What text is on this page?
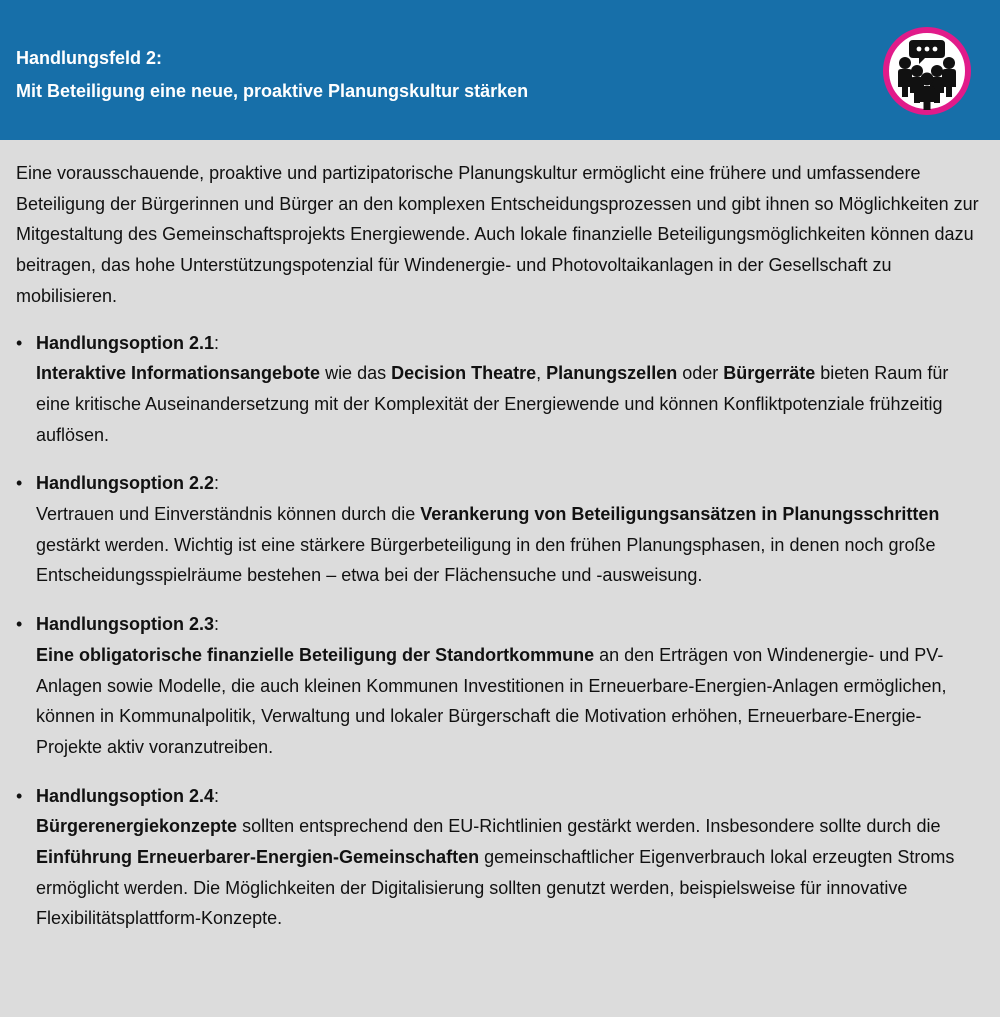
Handlungsfeld 2:
Mit Beteiligung eine neue, proaktive Planungskultur stärken

Eine vorausschauende, proaktive und partizipatorische Planungskultur ermöglicht eine frühere und umfassendere Beteiligung der Bürgerinnen und Bürger an den komplexen Entscheidungsprozessen und gibt ihnen so Möglichkeiten zur Mitgestaltung des Gemeinschaftsprojekts Energiewende. Auch lokale finanzielle Beteiligungsmöglichkeiten können dazu beitragen, das hohe Unterstützungspotenzial für Windenergie- und Photovoltaikanlagen in der Gesellschaft zu mobilisieren.

• Handlungsoption 2.1:
Interaktive Informationsangebote wie das Decision Theatre, Planungszellen oder Bürgerräte bieten Raum für eine kritische Auseinandersetzung mit der Komplexität der Energiewende und können Konfliktpotenziale frühzeitig auflösen.
• Handlungsoption 2.2:
Vertrauen und Einverständnis können durch die Verankerung von Beteiligungsansätzen in Planungsschritten gestärkt werden. Wichtig ist eine stärkere Bürgerbeteiligung in den frühen Planungsphasen, in denen noch große Entscheidungsspielräume bestehen – etwa bei der Flächensuche und -ausweisung.
• Handlungsoption 2.3:
Eine obligatorische finanzielle Beteiligung der Standortkommune an den Erträgen von Windenergie- und PV-Anlagen sowie Modelle, die auch kleinen Kommunen Investitionen in Erneuerbare-Energien-Anlagen ermöglichen, können in Kommunalpolitik, Verwaltung und lokaler Bürgerschaft die Motivation erhöhen, Erneuerbare-Energie-Projekte aktiv voranzutreiben.
• Handlungsoption 2.4:
Bürgerenergiekonzepte sollten entsprechend den EU-Richtlinien gestärkt werden. Insbesondere sollte durch die Einführung Erneuerbarer-Energien-Gemeinschaften gemeinschaftlicher Eigenverbrauch lokal erzeugten Stroms ermöglicht werden. Die Möglichkeiten der Digitalisierung sollten genutzt werden, beispielsweise für innovative Flexibilitätsplattform-Konzepte.
